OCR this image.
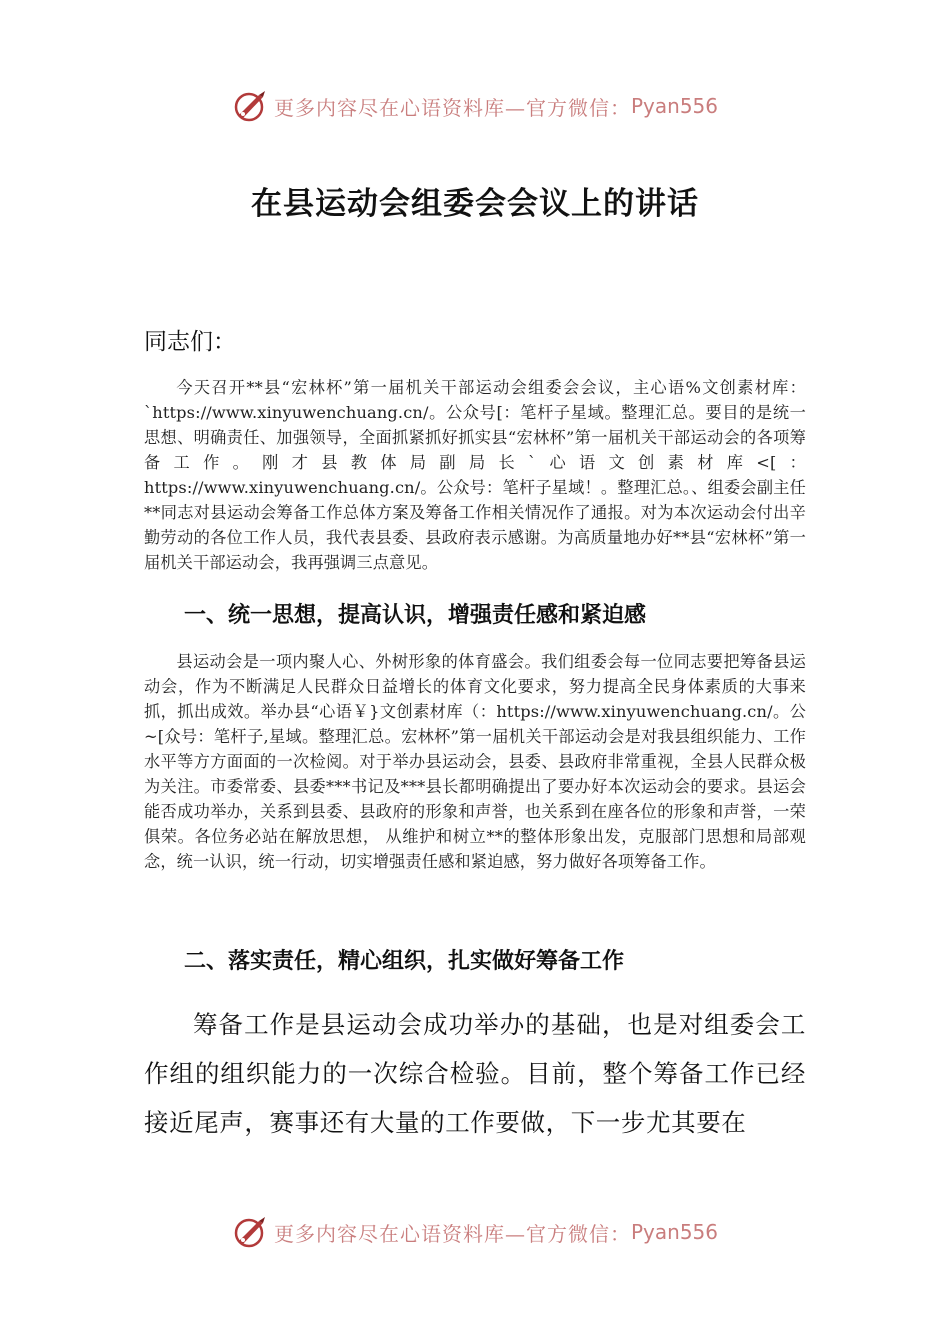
更多内容尽在心语资料库—官方微信： Pyan556
在县运动会组委会会议上的讲话

同志们：

今天召开**县“宏林杯”第一届机关干部运动会组委会会议，主心语%文创素材库：`https://www.xinyuwenchuang.cn/。公众号[：笔杆子星域。整理汇总。要目的是统一思想、明确责任、加强领导，全面抓紧抓好抓实县“宏林杯”第一届机关干部运动会的各项筹备工作。刚才县教体局副局长`心语文创素材库<[：https://www.xinyuwenchuang.cn/。公众号：笔杆子星域！。整理汇总。、组委会副主任**同志对县运动会筹备工作总体方案及筹备工作相关情况作了通报。对为本次运动会付出辛勤劳动的各位工作人员，我代表县委、县政府表示感谢。为高质量地办好**县“宏林杯”第一届机关干部运动会，我再强调三点意见。

一、统一思想，提高认识，增强责任感和紧迫感

县运动会是一项内聚人心、外树形象的体育盛会。我们组委会每一位同志要把筹备县运动会，作为不断满足人民群众日益增长的体育文化要求，努力提高全民身体素质的大事来抓，抓出成效。举办县“心语￥}文创素材库（：https://www.xinyuwenchuang.cn/。公~[众号：笔杆子,星域。整理汇总。宏林杯”第一届机关干部运动会是对我县组织能力、工作水平等方方面面的一次检阅。对于举办县运动会，县委、县政府非常重视，全县人民群众极为关注。市委常委、县委***书记及***县长都明确提出了要办好本次运动会的要求。县运会能否成功举办，关系到县委、县政府的形象和声誉，也关系到在座各位的形象和声誉，一荣俱荣。各位务必站在解放思想， 从维护和树立**的整体形象出发，克服部门思想和局部观念，统一认识，统一行动，切实增强责任感和紧迫感，努力做好各项筹备工作。

二、落实责任，精心组织，扎实做好筹备工作

筹备工作是县运动会成功举办的基础，也是对组委会工作组的组织能力的一次综合检验。目前，整个筹备工作已经接近尾声，赛事还有大量的工作要做，下一步尤其要在

更多内容尽在心语资料库—官方微信： Pyan556
